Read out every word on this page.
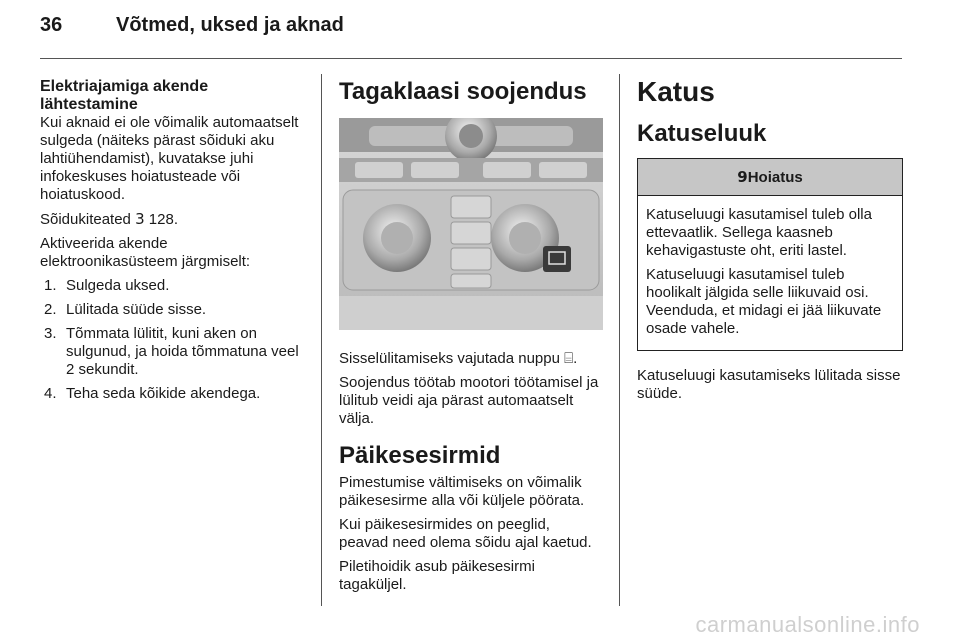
36	Võtmed, uksed ja aknad
Elektriajamiga akende lähtestamine

Kui aknaid ei ole võimalik automaatselt sulgeda (näiteks pärast sõiduki aku lahtiühendamist), kuvatakse juhi infokeskuses hoiatusteade või hoiatuskood.

Sõidukiteated 3 128.

Aktiveerida akende elektroonikasüsteem järgmiselt:

1. Sulgeda uksed.
2. Lülitada süüde sisse.
3. Tõmmata lülitit, kuni aken on sulgunud, ja hoida tõmmatuna veel 2 sekundit.
4. Teha seda kõikide akendega.
Tagaklaasi soojendus

Sisselülitamiseks vajutada nuppu ⌸.

Soojendus töötab mootori töötamisel ja lülitub veidi aja pärast automaatselt välja.

Päikesesirmid

Pimestumise vältimiseks on võimalik päikesesirme alla või küljele pöörata.

Kui päikesesirmides on peeglid, peavad need olema sõidu ajal kaetud.

Piletihoidik asub päikesesirmi tagaküljel.

Katus
Katuseluuk
9Hoiatus

Katuseluugi kasutamisel tuleb olla ettevaatlik. Sellega kaasneb kehavigastuste oht, eriti lastel.

Katuseluugi kasutamisel tuleb hoolikalt jälgida selle liikuvaid osi. Veenduda, et midagi ei jää liikuvate osade vahele.

Katuseluugi kasutamiseks lülitada sisse süüde.

carmanualsonline.info
